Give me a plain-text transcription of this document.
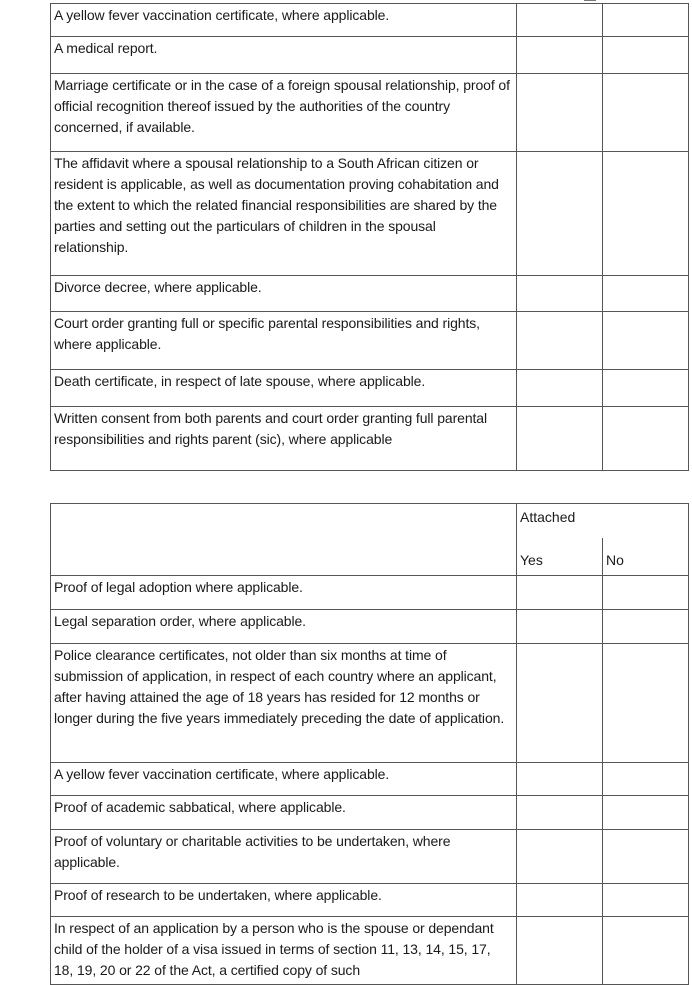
A yellow fever vaccination certificate, where applicable.		

A medical report.		

Marriage certificate or in the case of a foreign spousal relationship, proof of official recognition thereof issued by the authorities of the country concerned, if available.		

The affidavit where a spousal relationship to a South African citizen or resident is applicable, as well as documentation proving cohabitation and the extent to which the related financial responsibilities are shared by the parties and setting out the particulars of children in the spousal relationship.		

Divorce decree, where applicable.		

Court order granting full or specific parental responsibilities and rights, where applicable.		

Death certificate, in respect of late spouse, where applicable.		

Written consent from both parents and court order granting full parental responsibilities and rights parent (sic), where applicable		

	Attached	
	Yes	No

Proof of legal adoption where applicable.		

Legal separation order, where applicable.		

Police clearance certificates, not older than six months at time of submission of application, in respect of each country where an applicant, after having attained the age of 18 years has resided for 12 months or longer during the five years immediately preceding the date of application.		

A yellow fever vaccination certificate, where applicable.		

Proof of academic sabbatical, where applicable.		

Proof of voluntary or charitable activities to be undertaken, where applicable.		

Proof of research to be undertaken, where applicable.		

In respect of an application by a person who is the spouse or dependant child of the holder of a visa issued in terms of section 11, 13, 14, 15, 17, 18, 19, 20 or 22 of the Act, a certified copy of such		
